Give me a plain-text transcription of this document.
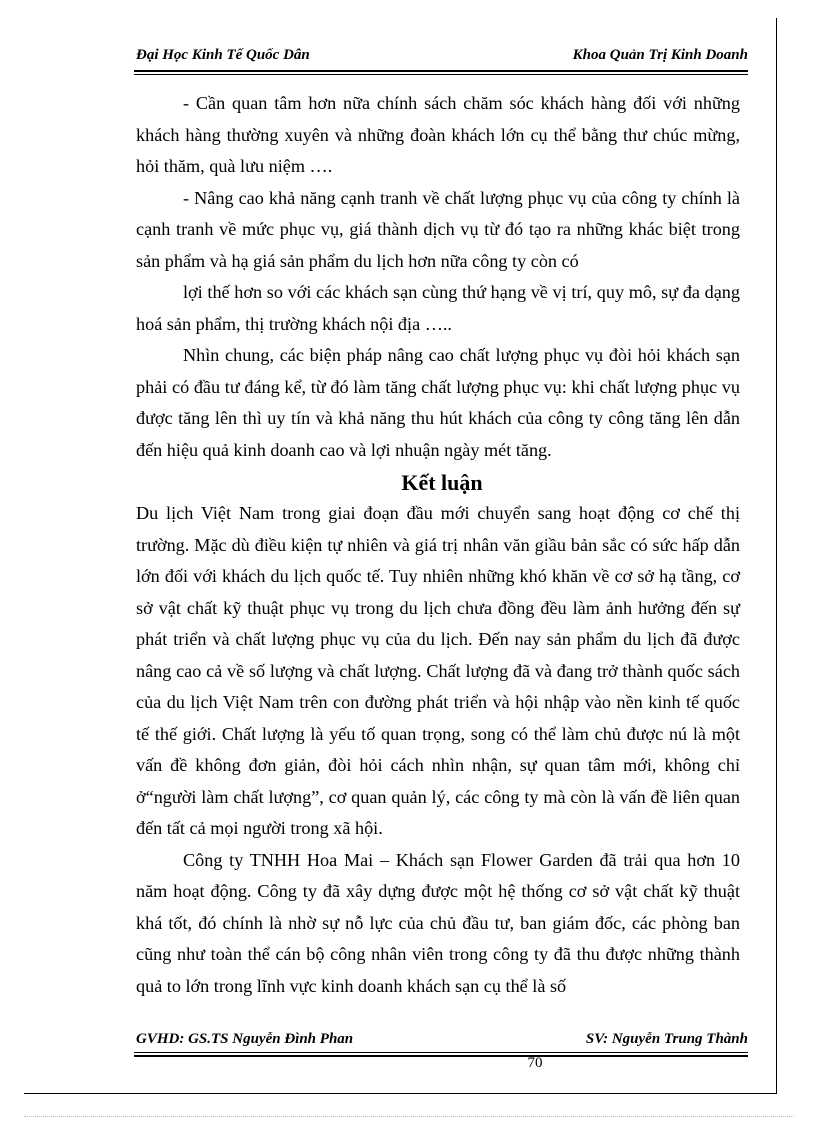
Đại Học Kinh Tế Quốc Dân	Khoa Quản Trị Kinh Doanh

- Cần quan tâm hơn nữa chính sách chăm sóc khách hàng đối với những khách hàng thường xuyên và những đoàn khách lớn cụ thể bằng thư chúc mừng, hỏi thăm, quà lưu niệm ….

- Nâng cao khả năng cạnh tranh về chất lượng phục vụ của công ty chính là cạnh tranh về mức phục vụ, giá thành dịch vụ từ đó tạo ra những khác biệt trong sản phẩm và hạ giá sản phẩm du lịch hơn nữa công ty còn có

lợi thế hơn so với các khách sạn cùng thứ hạng về vị trí, quy mô, sự đa dạng hoá sản phẩm, thị trường khách nội địa …..

Nhìn chung, các biện pháp nâng cao chất lượng phục vụ đòi hỏi khách sạn phải có đầu tư đáng kể, từ đó làm tăng chất lượng phục vụ: khi chất lượng phục vụ được tăng lên thì uy tín và khả năng thu hút khách của công ty công tăng lên dẫn đến hiệu quả kinh doanh cao và lợi nhuận ngày mét tăng.

Kết luận

Du lịch Việt Nam trong giai đoạn đầu mới chuyển sang hoạt động cơ chế thị trường. Mặc dù điều kiện tự nhiên và giá trị nhân văn giầu bản sắc có sức hấp dẫn lớn đối với khách du lịch quốc tế. Tuy nhiên những khó khăn về cơ sở hạ tầng, cơ sở vật chất kỹ thuật phục vụ trong du lịch chưa đồng đều làm ảnh hưởng đến sự phát triển và chất lượng phục vụ của du lịch. Đến nay sản phẩm du lịch đã được nâng cao cả về số lượng và chất lượng. Chất lượng đã và đang trở thành quốc sách của du lịch Việt Nam trên con đường phát triển và hội nhập vào nền kinh tế quốc tế thế giới. Chất lượng là yếu tố quan trọng, song có thể làm chủ được nú là một vấn đề không đơn giản, đòi hỏi cách nhìn nhận, sự quan tâm mới, không chỉ ở“người làm chất lượng”, cơ quan quản lý, các công ty mà còn là vấn đề liên quan đến tất cả mọi người trong xã hội.

Công ty TNHH Hoa Mai – Khách sạn Flower Garden đã trải qua hơn 10 năm hoạt động. Công ty đã xây dựng được một hệ thống cơ sở vật chất kỹ thuật khá tốt, đó chính là nhờ sự nỗ lực của chủ đầu tư, ban giám đốc, các phòng ban cũng như toàn thể cán bộ công nhân viên trong công ty đã thu được những thành quả to lớn trong lĩnh vực kinh doanh khách sạn cụ thể là số

GVHD: GS.TS Nguyễn Đình Phan	SV: Nguyễn Trung Thành
70
